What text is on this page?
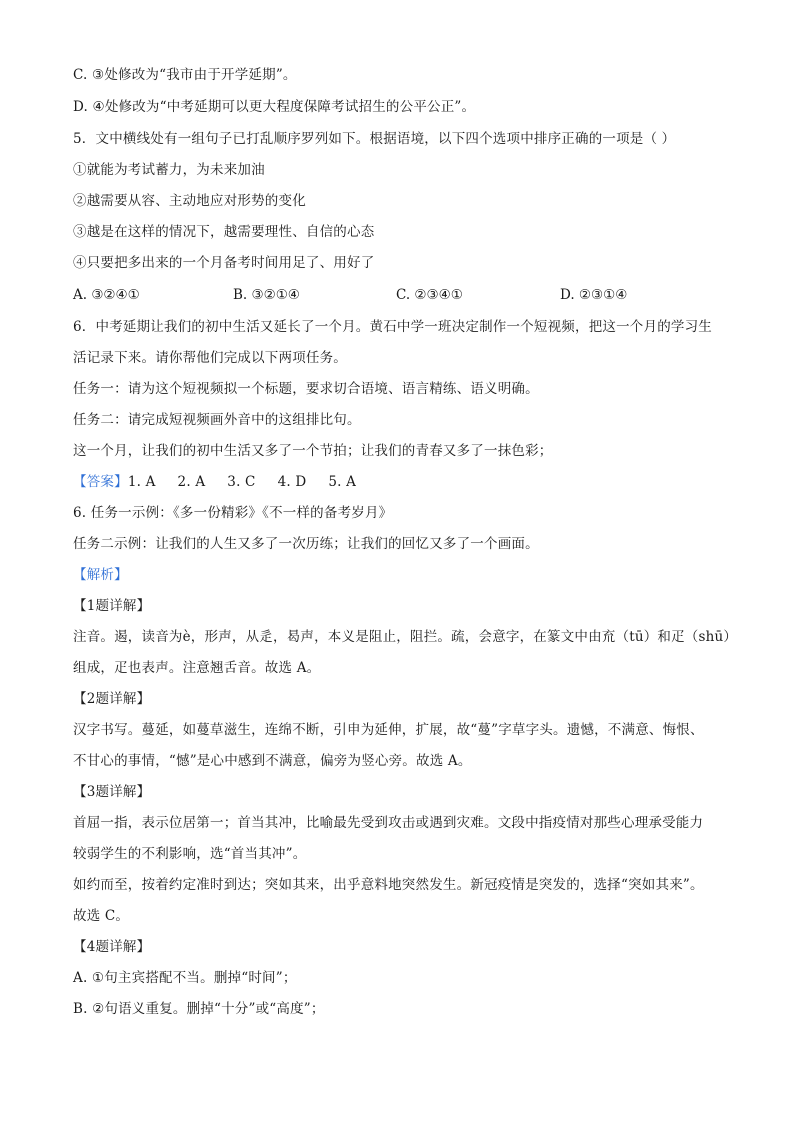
C. ③处修改为“我市由于开学延期”。
D. ④处修改为“中考延期可以更大程度保障考试招生的公平公正”。
5．文中横线处有一组句子已打乱顺序罗列如下。根据语境，以下四个选项中排序正确的一项是（ ）
①就能为考试蓄力，为未来加油
②越需要从容、主动地应对形势的变化
③越是在这样的情况下，越需要理性、自信的心态
④只要把多出来的一个月备考时间用足了、用好了
A. ③②④①	B. ③②①④	C. ②③④①	D. ②③①④
6．中考延期让我们的初中生活又延长了一个月。黄石中学一班决定制作一个短视频，把这一个月的学习生
活记录下来。请你帮他们完成以下两项任务。
任务一：请为这个短视频拟一个标题，要求切合语境、语言精练、语义明确。
任务二：请完成短视频画外音中的这组排比句。
这一个月，让我们的初中生活又多了一个节拍；让我们的青春又多了一抹色彩；
【答案】1. A 2. A 3. C 4. D 5. A
6. 任务一示例：《多一份精彩》《不一样的备考岁月》
任务二示例：让我们的人生又多了一次历练；让我们的回忆又多了一个画面。
【解析】
【1题详解】
注音。遏，读音为è，形声，从辵，曷声，本义是阻止，阻拦。疏，会意字，在篆文中由㐬（tū）和疋（shū）
组成，疋也表声。注意翘舌音。故选 A。
【2题详解】
汉字书写。蔓延，如蔓草滋生，连绵不断，引申为延伸，扩展，故“蔓”字草字头。遗憾，不满意、悔恨、
不甘心的事情，“憾”是心中感到不满意，偏旁为竖心旁。故选 A。
【3题详解】
首屈一指，表示位居第一；首当其冲，比喻最先受到攻击或遇到灾难。文段中指疫情对那些心理承受能力
较弱学生的不利影响，选“首当其冲”。
如约而至，按着约定准时到达；突如其来，出乎意料地突然发生。新冠疫情是突发的，选择“突如其来”。
故选 C。
【4题详解】
A. ①句主宾搭配不当。删掉“时间”；
B. ②句语义重复。删掉“十分”或“高度”；
